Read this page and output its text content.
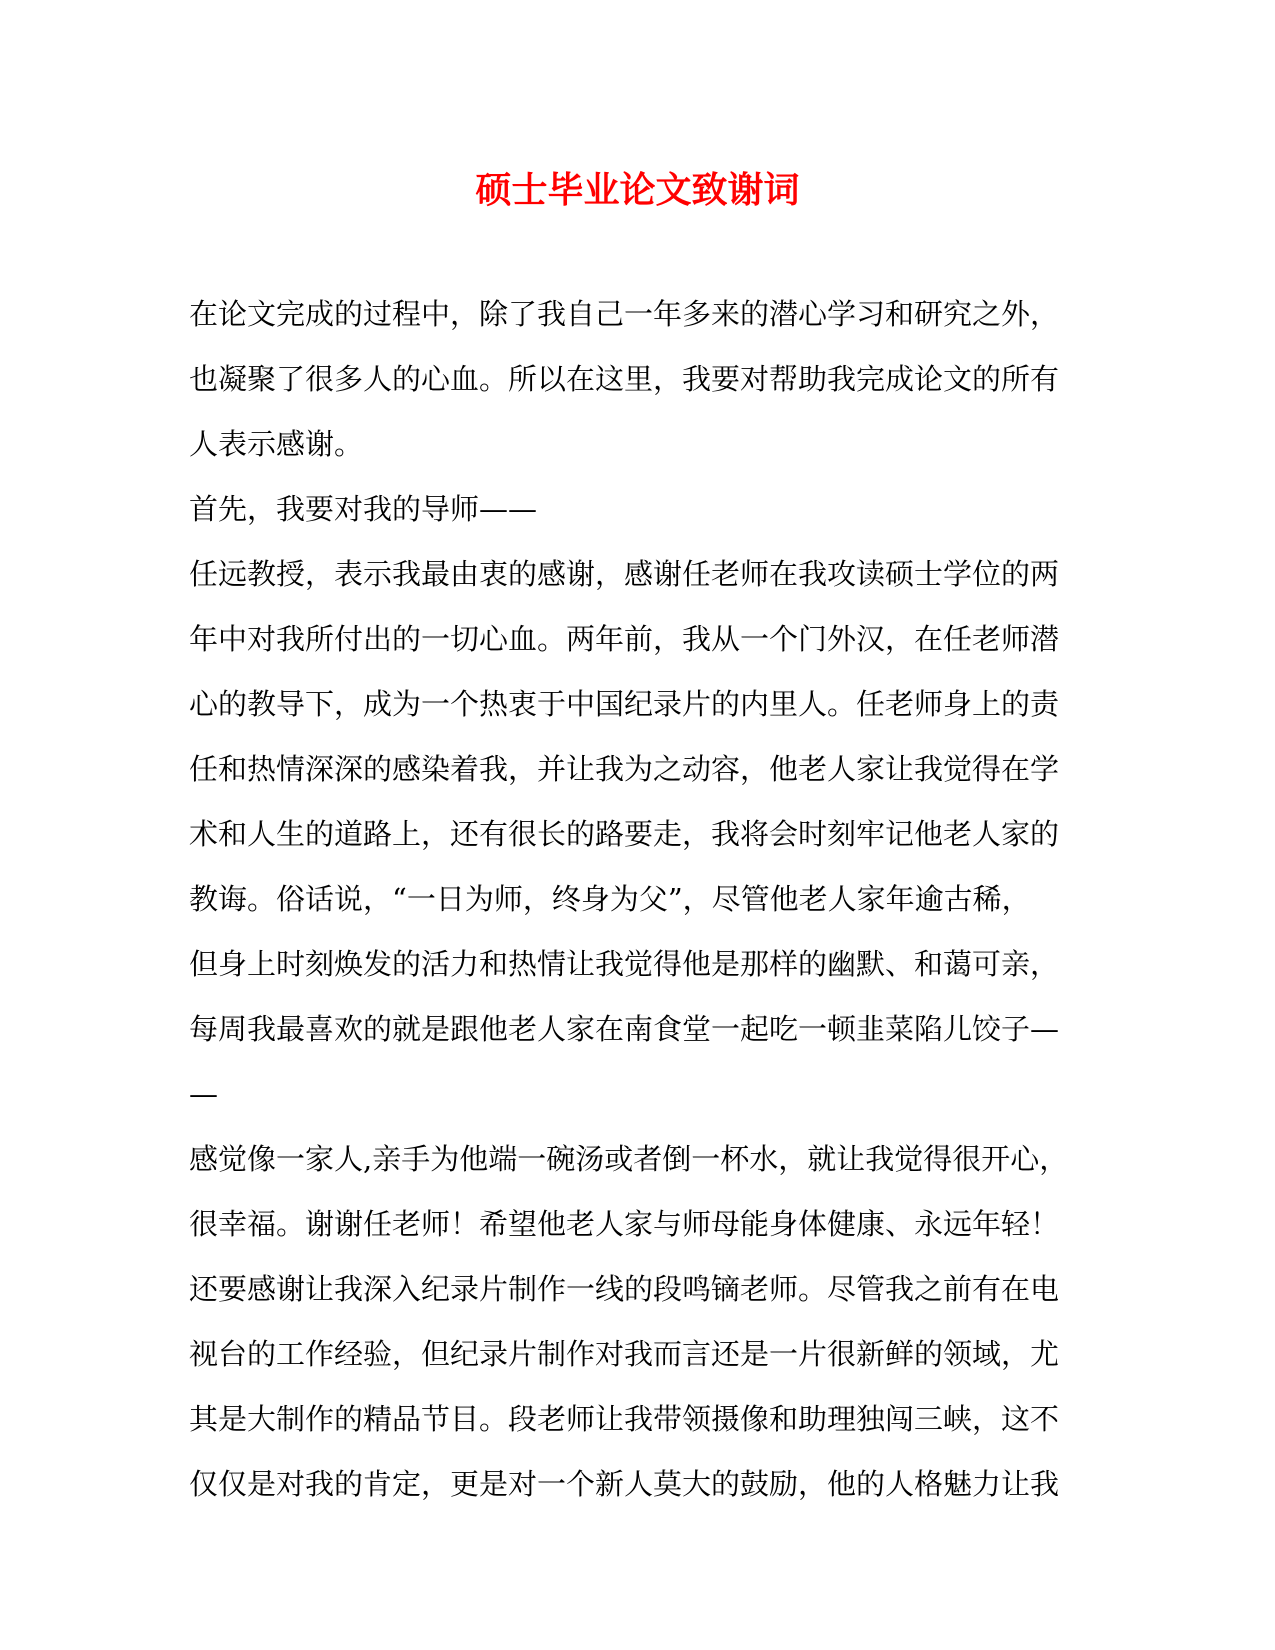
硕士毕业论文致谢词
在论文完成的过程中，除了我自己一年多来的潜心学习和研究之外，
也凝聚了很多人的心血。所以在这里，我要对帮助我完成论文的所有
人表示感谢。
首先，我要对我的导师——
任远教授，表示我最由衷的感谢，感谢任老师在我攻读硕士学位的两
年中对我所付出的一切心血。两年前，我从一个门外汉，在任老师潜
心的教导下，成为一个热衷于中国纪录片的内里人。任老师身上的责
任和热情深深的感染着我，并让我为之动容，他老人家让我觉得在学
术和人生的道路上，还有很长的路要走，我将会时刻牢记他老人家的
教诲。俗话说，“一日为师，终身为父”，尽管他老人家年逾古稀，
但身上时刻焕发的活力和热情让我觉得他是那样的幽默、和蔼可亲，
每周我最喜欢的就是跟他老人家在南食堂一起吃一顿韭菜陷儿饺子—
—
感觉像一家人,亲手为他端一碗汤或者倒一杯水，就让我觉得很开心，
很幸福。谢谢任老师！希望他老人家与师母能身体健康、永远年轻！
还要感谢让我深入纪录片制作一线的段鸣镝老师。尽管我之前有在电
视台的工作经验，但纪录片制作对我而言还是一片很新鲜的领域，尤
其是大制作的精品节目。段老师让我带领摄像和助理独闯三峡，这不
仅仅是对我的肯定，更是对一个新人莫大的鼓励，他的人格魅力让我
